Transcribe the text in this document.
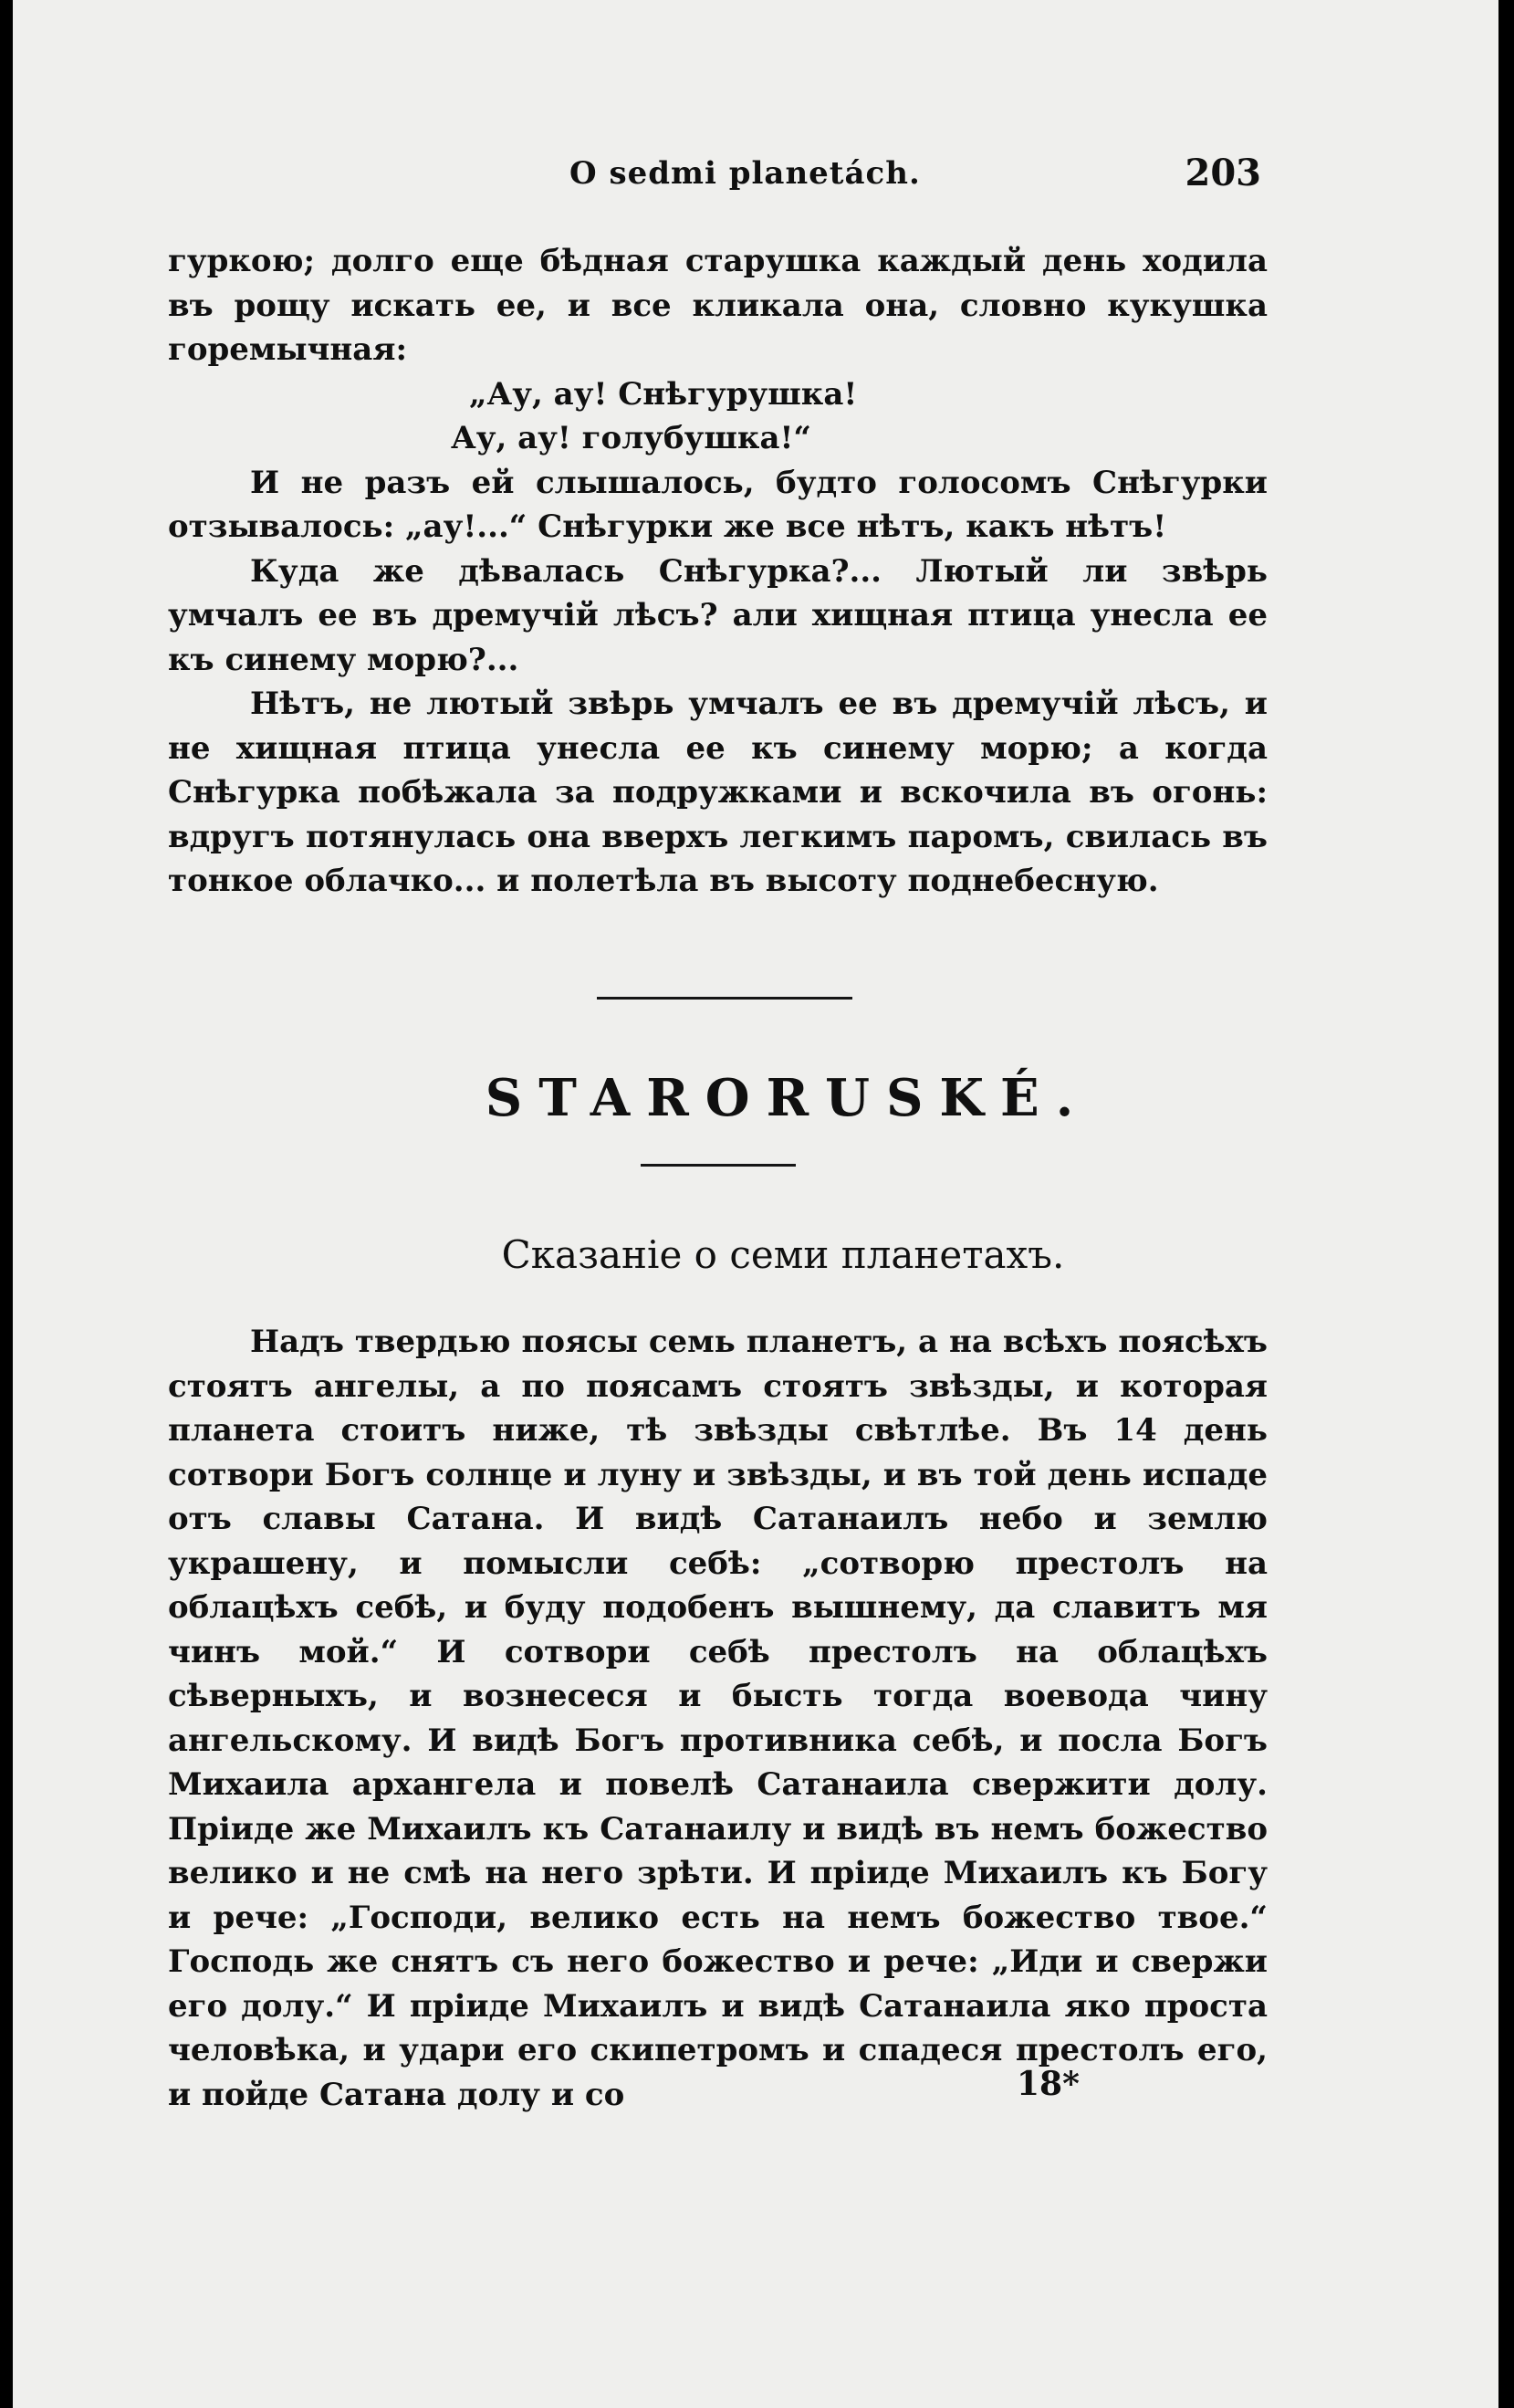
O sedmi planetách.	203

гуркою; долго еще бѣдная старушка каждый день ходила въ рощу искать ее, и все кликала она, словно кукушка горемычная:

„Ау, ау! Снѣгурушка!

Ау, ау! голубушка!“

И не разъ ей слышалось, будто голосомъ Снѣгурки отзывалось: „ау!...“ Снѣгурки же все нѣтъ, какъ нѣтъ!

Куда же дѣвалась Снѣгурка?... Лютый ли звѣрь умчалъ ее въ дремучiй лѣсъ? али хищная птица унесла ее къ синему морю?...

Нѣтъ, не лютый звѣрь умчалъ ее въ дремучiй лѣсъ, и не хищная птица унесла ее къ синему морю; а когда Снѣгурка побѣжала за подружками и вскочила въ огонь: вдругъ потянулась она вверхъ легкимъ паромъ, свилась въ тонкое облачко... и полетѣла въ высоту поднебесную.

STARORUSKÉ.
Сказанiе о семи планетахъ.

Надъ твердью поясы семь планетъ, а на всѣхъ поясѣхъ стоятъ ангелы, а по поясамъ стоятъ звѣзды, и которая планета стоитъ ниже, тѣ звѣзды свѣтлѣе. Въ 14 день сотвори Богъ солнце и луну и звѣзды, и въ той день испаде отъ славы Сатана. И видѣ Сатанаилъ небо и землю украшену, и помысли себѣ: „сотворю престолъ на облацѣхъ себѣ, и буду подобенъ вышнему, да славитъ мя чинъ мой.“ И сотвори себѣ престолъ на облацѣхъ сѣверныхъ, и вознесеся и бысть тогда воевода чину ангельскому. И видѣ Богъ противника себѣ, и посла Богъ Михаила архангела и повелѣ Сатанаила свержити долу. Прiиде же Михаилъ къ Сатанаилу и видѣ въ немъ божество велико и не смѣ на него зрѣти. И прiиде Михаилъ къ Богу и рече: „Господи, велико есть на немъ божество твое.“ Господь же снятъ съ него божество и рече: „Иди и свержи его долу.“ И прiиде Михаилъ и видѣ Сатанаила яко проста человѣка, и удари его скипетромъ и спадеся престолъ его, и пойде Сатана долу и со	18*
